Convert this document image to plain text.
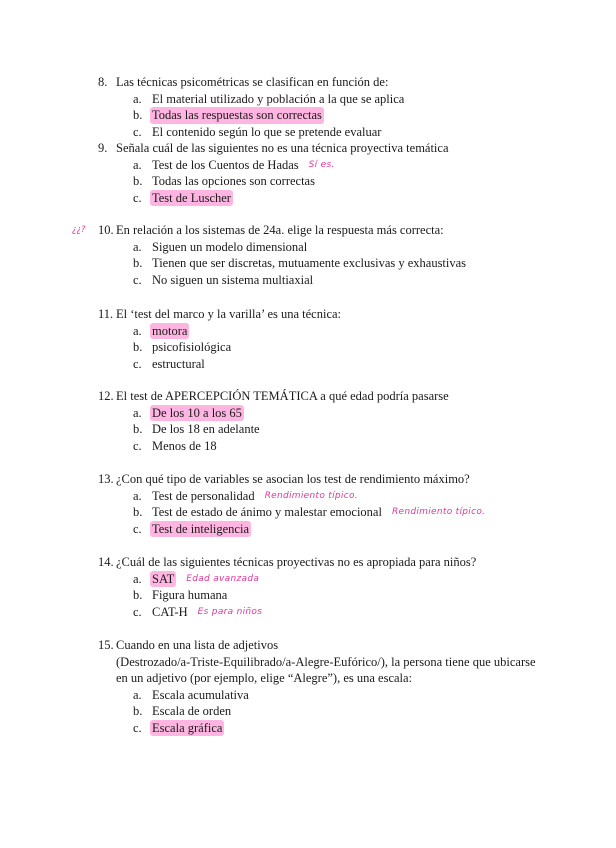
¿¿?
8. Las técnicas psicométricas se clasifican en función de:
a. El material utilizado y población a la que se aplica
b. Todas las respuestas son correctas
c. El contenido según lo que se pretende evaluar
9. Señala cuál de las siguientes no es una técnica proyectiva temática
a. Test de los Cuentos de Hadas Sí es.
b. Todas las opciones son correctas
c. Test de Luscher
10. En relación a los sistemas de 24a. elige la respuesta más correcta:
a. Siguen un modelo dimensional
b. Tienen que ser discretas, mutuamente exclusivas y exhaustivas
c. No siguen un sistema multiaxial
11. El ‘test del marco y la varilla’ es una técnica:
a. motora
b. psicofisiológica
c. estructural
12. El test de APERCEPCIÓN TEMÁTICA a qué edad podría pasarse
a. De los 10 a los 65
b. De los 18 en adelante
c. Menos de 18
13. ¿Con qué tipo de variables se asocian los test de rendimiento máximo?
a. Test de personalidad Rendimiento típico.
b. Test de estado de ánimo y malestar emocional Rendimiento típico.
c. Test de inteligencia
14. ¿Cuál de las siguientes técnicas proyectivas no es apropiada para niños?
a. SAT Edad avanzada
b. Figura humana
c. CAT-H Es para niños
15. Cuando en una lista de adjetivos
(Destrozado/a-Triste-Equilibrado/a-Alegre-Eufórico/), la persona tiene que ubicarse
en un adjetivo (por ejemplo, elige “Alegre”), es una escala:
a. Escala acumulativa
b. Escala de orden
c. Escala gráfica
